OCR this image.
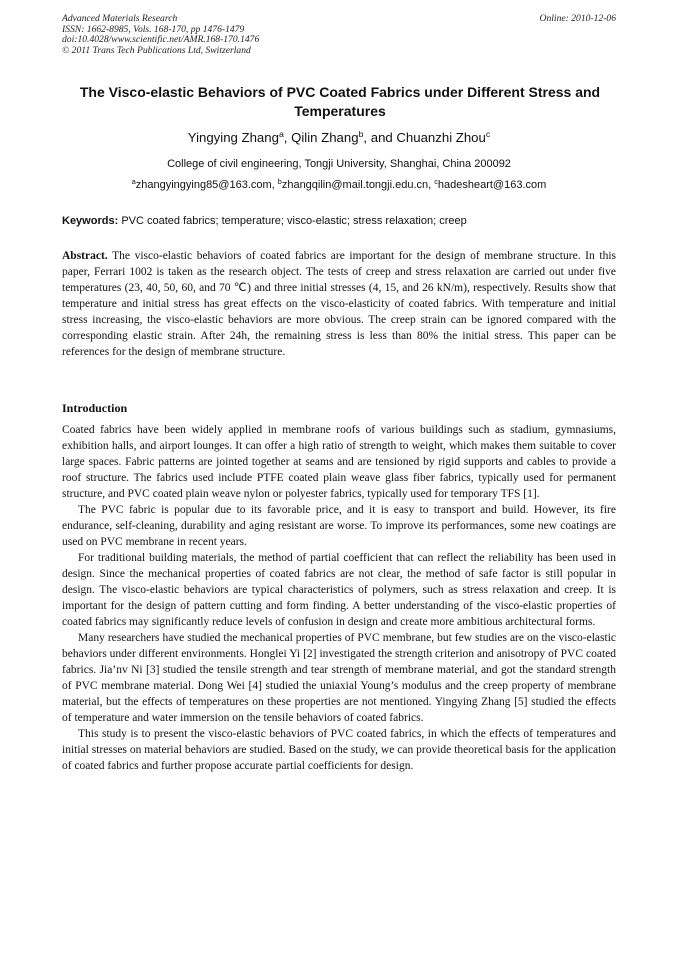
Advanced Materials Research
ISSN: 1662-8985, Vols. 168-170, pp 1476-1479
doi:10.4028/www.scientific.net/AMR.168-170.1476
© 2011 Trans Tech Publications Ltd, Switzerland
Online: 2010-12-06
The Visco-elastic Behaviors of PVC Coated Fabrics under Different Stress and Temperatures
Yingying Zhang$^a$, Qilin Zhang$^b$, and Chuanzhi Zhou$^c$
College of civil engineering, Tongji University, Shanghai, China 200092
$^a$zhangyingying85@163.com, $^b$zhangqilin@mail.tongji.edu.cn, $^c$hadesheart@163.com
Keywords: PVC coated fabrics; temperature; visco-elastic; stress relaxation; creep
Abstract. The visco-elastic behaviors of coated fabrics are important for the design of membrane structure. In this paper, Ferrari 1002 is taken as the research object. The tests of creep and stress relaxation are carried out under five temperatures (23, 40, 50, 60, and 70 ℃) and three initial stresses (4, 15, and 26 kN/m), respectively. Results show that temperature and initial stress has great effects on the visco-elasticity of coated fabrics. With temperature and initial stress increasing, the visco-elastic behaviors are more obvious. The creep strain can be ignored compared with the corresponding elastic strain. After 24h, the remaining stress is less than 80% the initial stress. This paper can be references for the design of membrane structure.
Introduction

Coated fabrics have been widely applied in membrane roofs of various buildings such as stadium, gymnasiums, exhibition halls, and airport lounges. It can offer a high ratio of strength to weight, which makes them suitable to cover large spaces. Fabric patterns are jointed together at seams and are tensioned by rigid supports and cables to provide a roof structure. The fabrics used include PTFE coated plain weave glass fiber fabrics, typically used for permanent structure, and PVC coated plain weave nylon or polyester fabrics, typically used for temporary TFS [1].

The PVC fabric is popular due to its favorable price, and it is easy to transport and build. However, its fire endurance, self-cleaning, durability and aging resistant are worse. To improve its performances, some new coatings are used on PVC membrane in recent years.

For traditional building materials, the method of partial coefficient that can reflect the reliability has been used in design. Since the mechanical properties of coated fabrics are not clear, the method of safe factor is still popular in design. The visco-elastic behaviors are typical characteristics of polymers, such as stress relaxation and creep. It is important for the design of pattern cutting and form finding. A better understanding of the visco-elastic properties of coated fabrics may significantly reduce levels of confusion in design and create more ambitious architectural forms.

Many researchers have studied the mechanical properties of PVC membrane, but few studies are on the visco-elastic behaviors under different environments. Honglei Yi [2] investigated the strength criterion and anisotropy of PVC coated fabrics. Jia’nv Ni [3] studied the tensile strength and tear strength of membrane material, and got the standard strength of PVC membrane material. Dong Wei [4] studied the uniaxial Young’s modulus and the creep property of membrane material, but the effects of temperatures on these properties are not mentioned. Yingying Zhang [5] studied the effects of temperature and water immersion on the tensile behaviors of coated fabrics.

This study is to present the visco-elastic behaviors of PVC coated fabrics, in which the effects of temperatures and initial stresses on material behaviors are studied. Based on the study, we can provide theoretical basis for the application of coated fabrics and further propose accurate partial coefficients for design.
